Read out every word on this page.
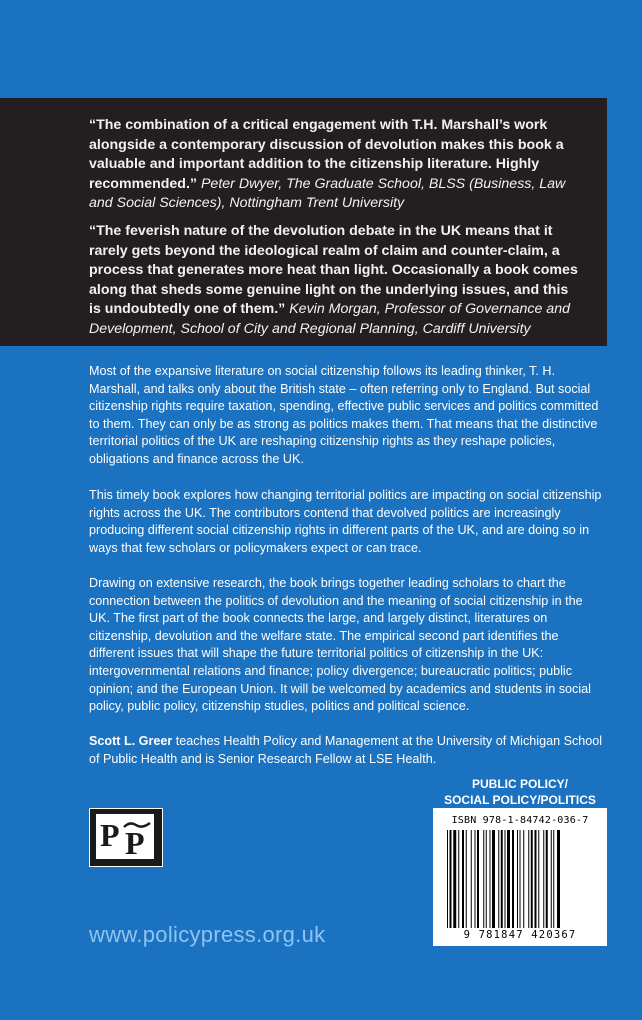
“The combination of a critical engagement with T.H. Marshall’s work alongside a contemporary discussion of devolution makes this book a valuable and important addition to the citizenship literature. Highly recommended.” Peter Dwyer, The Graduate School, BLSS (Business, Law and Social Sciences), Nottingham Trent University
“The feverish nature of the devolution debate in the UK means that it rarely gets beyond the ideological realm of claim and counter-claim, a process that generates more heat than light. Occasionally a book comes along that sheds some genuine light on the underlying issues, and this is undoubtedly one of them.” Kevin Morgan, Professor of Governance and Development, School of City and Regional Planning, Cardiff University

Most of the expansive literature on social citizenship follows its leading thinker, T. H. Marshall, and talks only about the British state – often referring only to England. But social citizenship rights require taxation, spending, effective public services and politics committed to them. They can only be as strong as politics makes them. That means that the distinctive territorial politics of the UK are reshaping citizenship rights as they reshape policies, obligations and finance across the UK.

This timely book explores how changing territorial politics are impacting on social citizenship rights across the UK. The contributors contend that devolved politics are increasingly producing different social citizenship rights in different parts of the UK, and are doing so in ways that few scholars or policymakers expect or can trace.

Drawing on extensive research, the book brings together leading scholars to chart the connection between the politics of devolution and the meaning of social citizenship in the UK. The first part of the book connects the large, and largely distinct, literatures on citizenship, devolution and the welfare state. The empirical second part identifies the different issues that will shape the future territorial politics of citizenship in the UK: intergovernmental relations and finance; policy divergence; bureaucratic politics; public opinion; and the European Union. It will be welcomed by academics and students in social policy, public policy, citizenship studies, politics and political science.

Scott L. Greer teaches Health Policy and Management at the University of Michigan School of Public Health and is Senior Research Fellow at LSE Health.

PUBLIC POLICY/
SOCIAL POLICY/POLITICS
P P
ISBN 978-1-84742-036-7
9 781847 420367
www.policypress.org.uk
